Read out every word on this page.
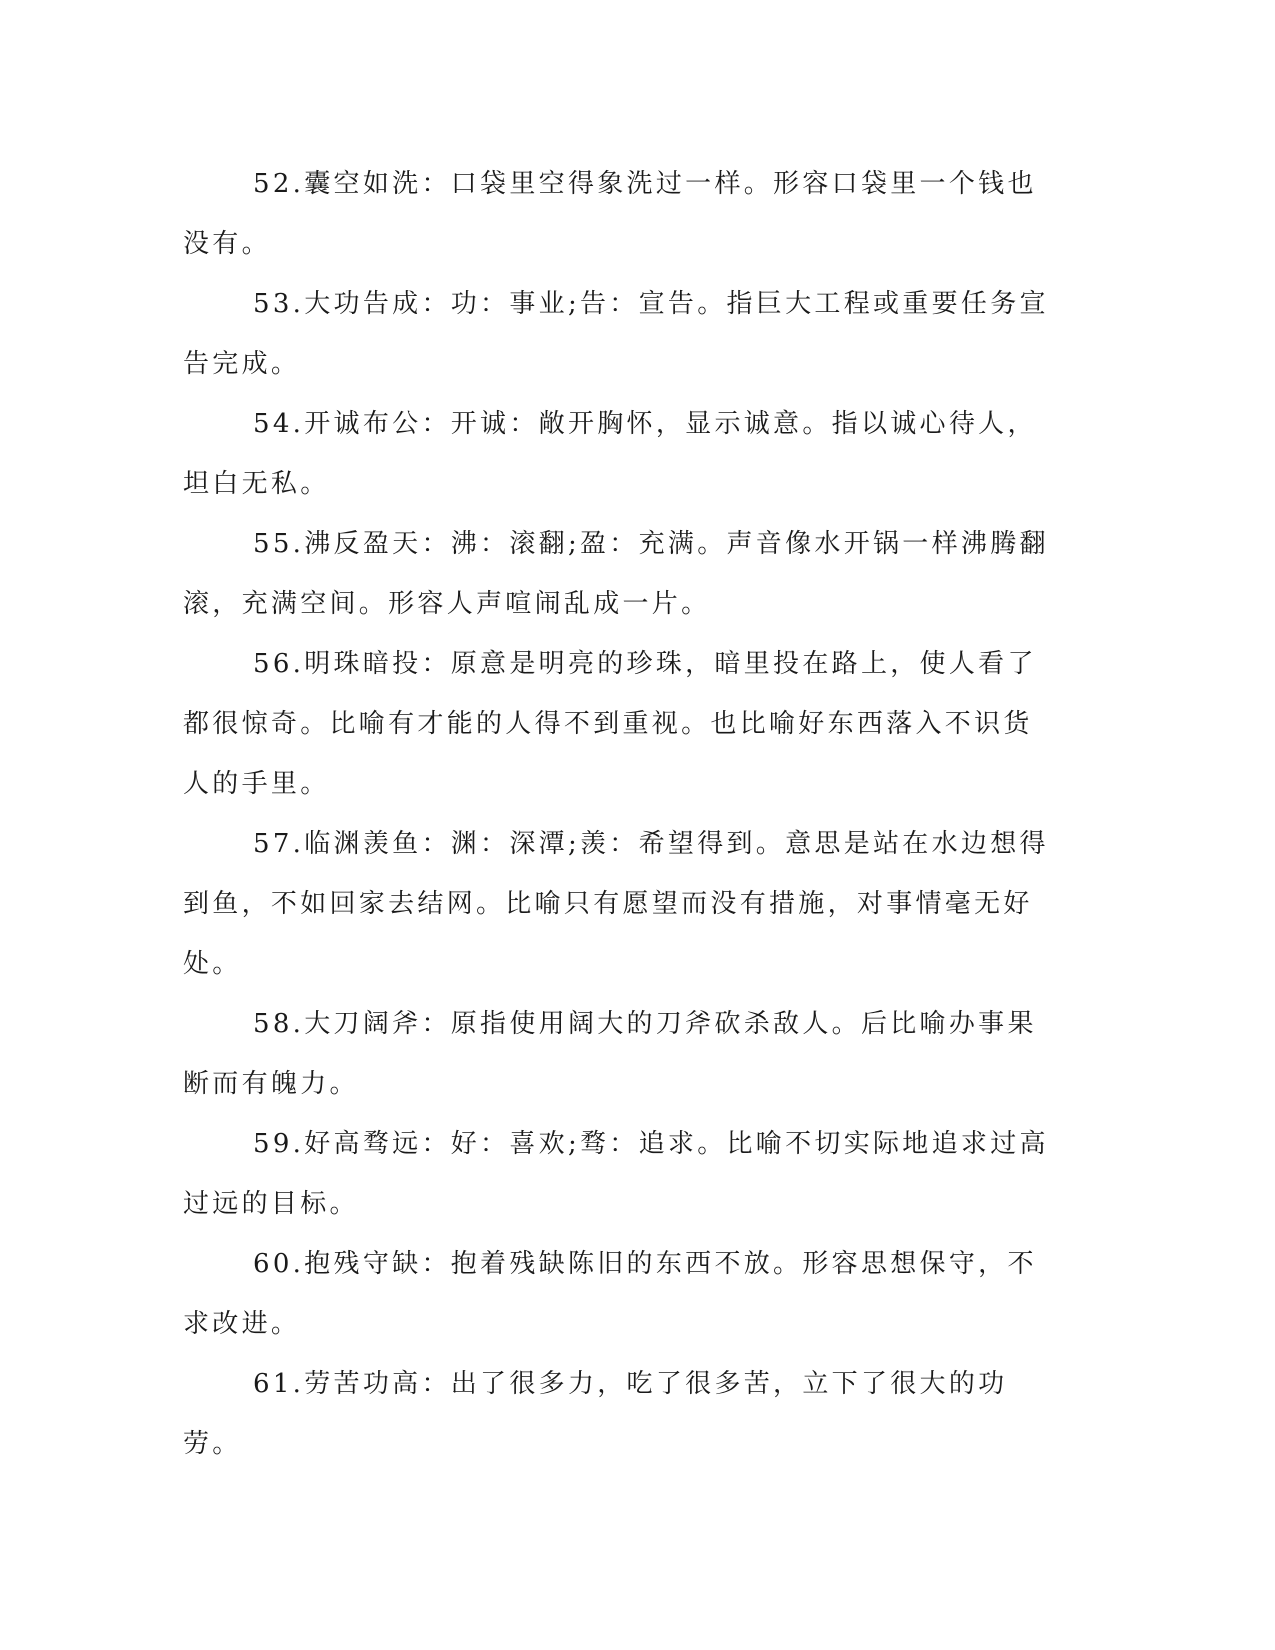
52.囊空如洗：口袋里空得象洗过一样。形容口袋里一个钱也没有。

53.大功告成：功：事业;告：宣告。指巨大工程或重要任务宣告完成。

54.开诚布公：开诚：敞开胸怀，显示诚意。指以诚心待人，坦白无私。

55.沸反盈天：沸：滚翻;盈：充满。声音像水开锅一样沸腾翻滚，充满空间。形容人声喧闹乱成一片。

56.明珠暗投：原意是明亮的珍珠，暗里投在路上，使人看了都很惊奇。比喻有才能的人得不到重视。也比喻好东西落入不识货人的手里。

57.临渊羡鱼：渊：深潭;羡：希望得到。意思是站在水边想得到鱼，不如回家去结网。比喻只有愿望而没有措施，对事情毫无好处。

58.大刀阔斧：原指使用阔大的刀斧砍杀敌人。后比喻办事果断而有魄力。

59.好高骛远：好：喜欢;骛：追求。比喻不切实际地追求过高过远的目标。

60.抱残守缺：抱着残缺陈旧的东西不放。形容思想保守，不求改进。

61.劳苦功高：出了很多力，吃了很多苦，立下了很大的功劳。
